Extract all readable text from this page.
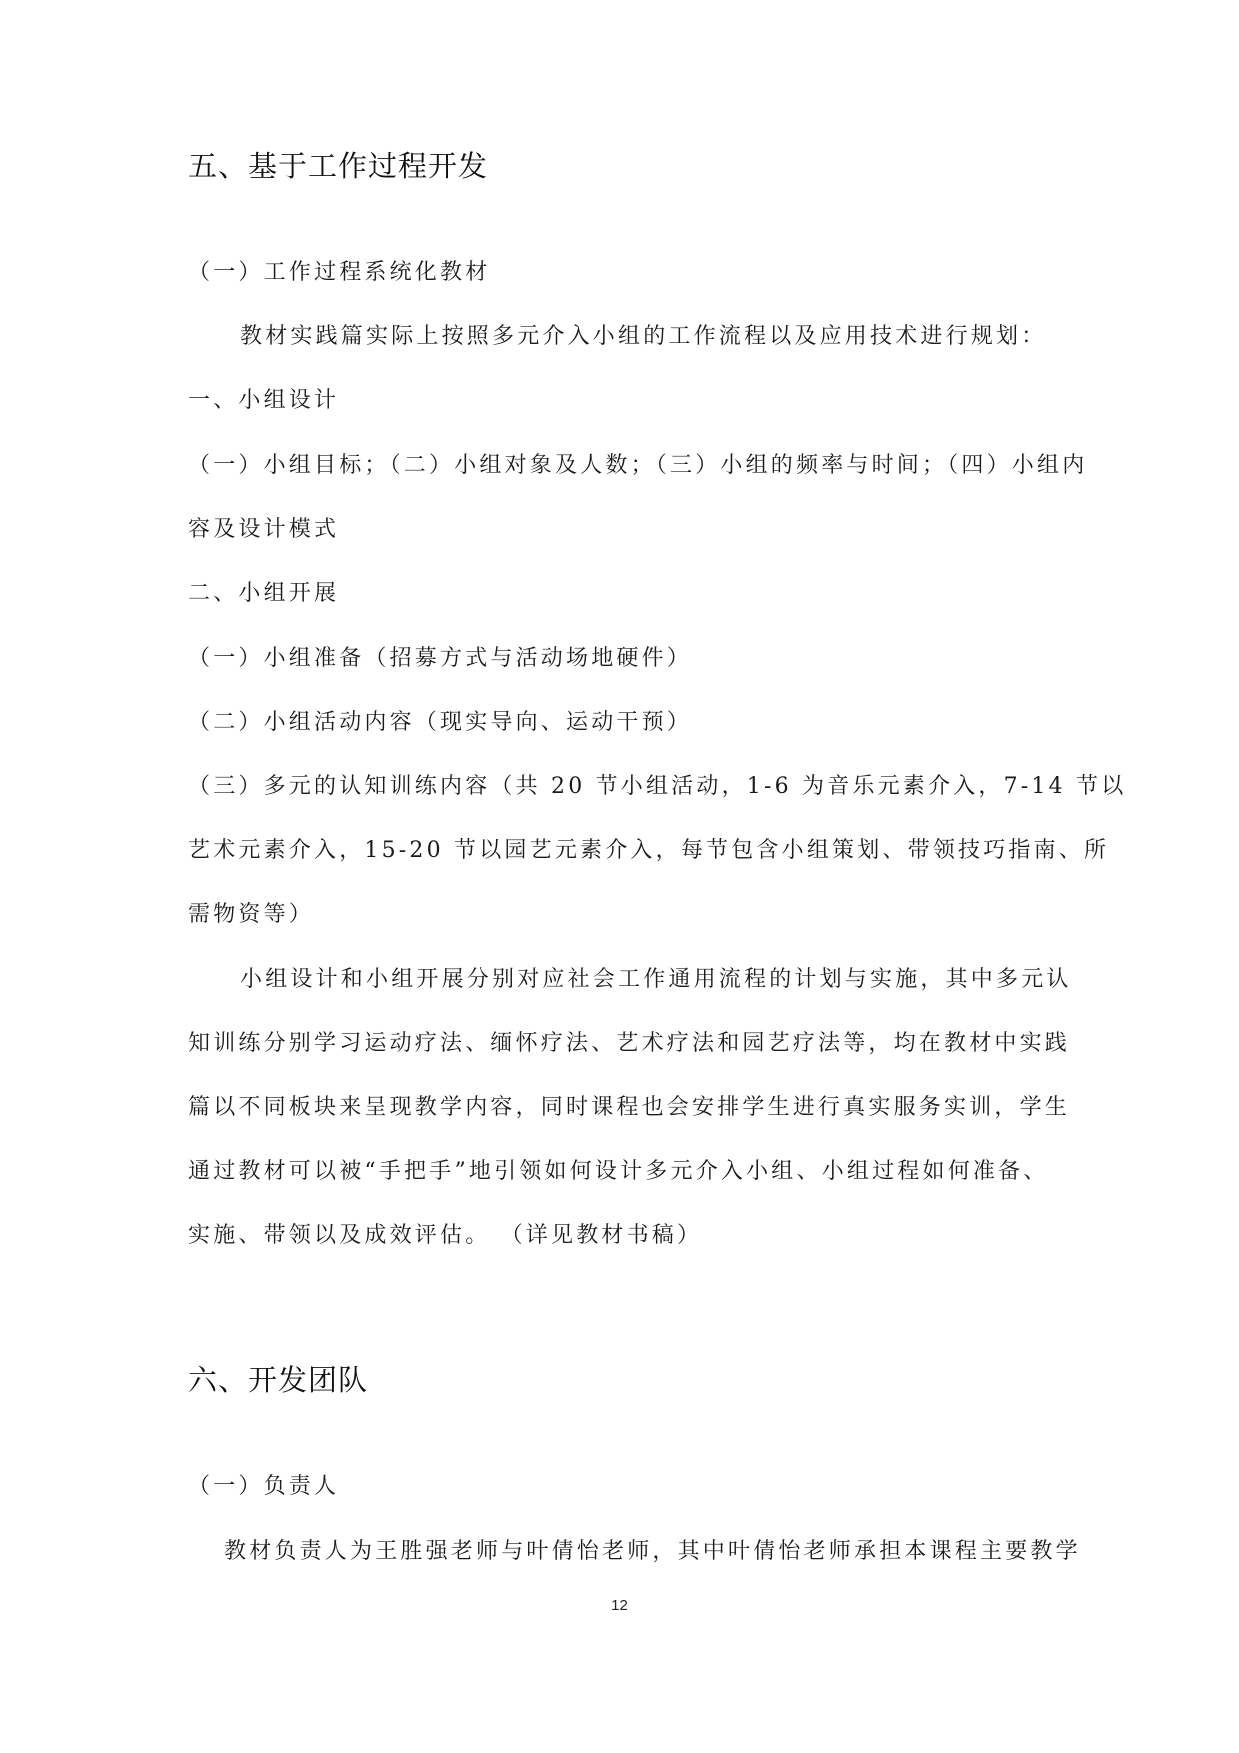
五、基于工作过程开发
（一）工作过程系统化教材
教材实践篇实际上按照多元介入小组的工作流程以及应用技术进行规划：
一、小组设计
（一）小组目标；（二）小组对象及人数；（三）小组的频率与时间；（四）小组内
容及设计模式
二、小组开展
（一）小组准备（招募方式与活动场地硬件）
（二）小组活动内容（现实导向、运动干预）
（三）多元的认知训练内容（共 20 节小组活动，1-6 为音乐元素介入，7-14 节以
艺术元素介入，15-20 节以园艺元素介入，每节包含小组策划、带领技巧指南、所
需物资等）
小组设计和小组开展分别对应社会工作通用流程的计划与实施，其中多元认
知训练分别学习运动疗法、缅怀疗法、艺术疗法和园艺疗法等，均在教材中实践
篇以不同板块来呈现教学内容，同时课程也会安排学生进行真实服务实训，学生
通过教材可以被“手把手”地引领如何设计多元介入小组、小组过程如何准备、
实施、带领以及成效评估。 （详见教材书稿）
六、开发团队
（一）负责人
教材负责人为王胜强老师与叶倩怡老师，其中叶倩怡老师承担本课程主要教学
12
